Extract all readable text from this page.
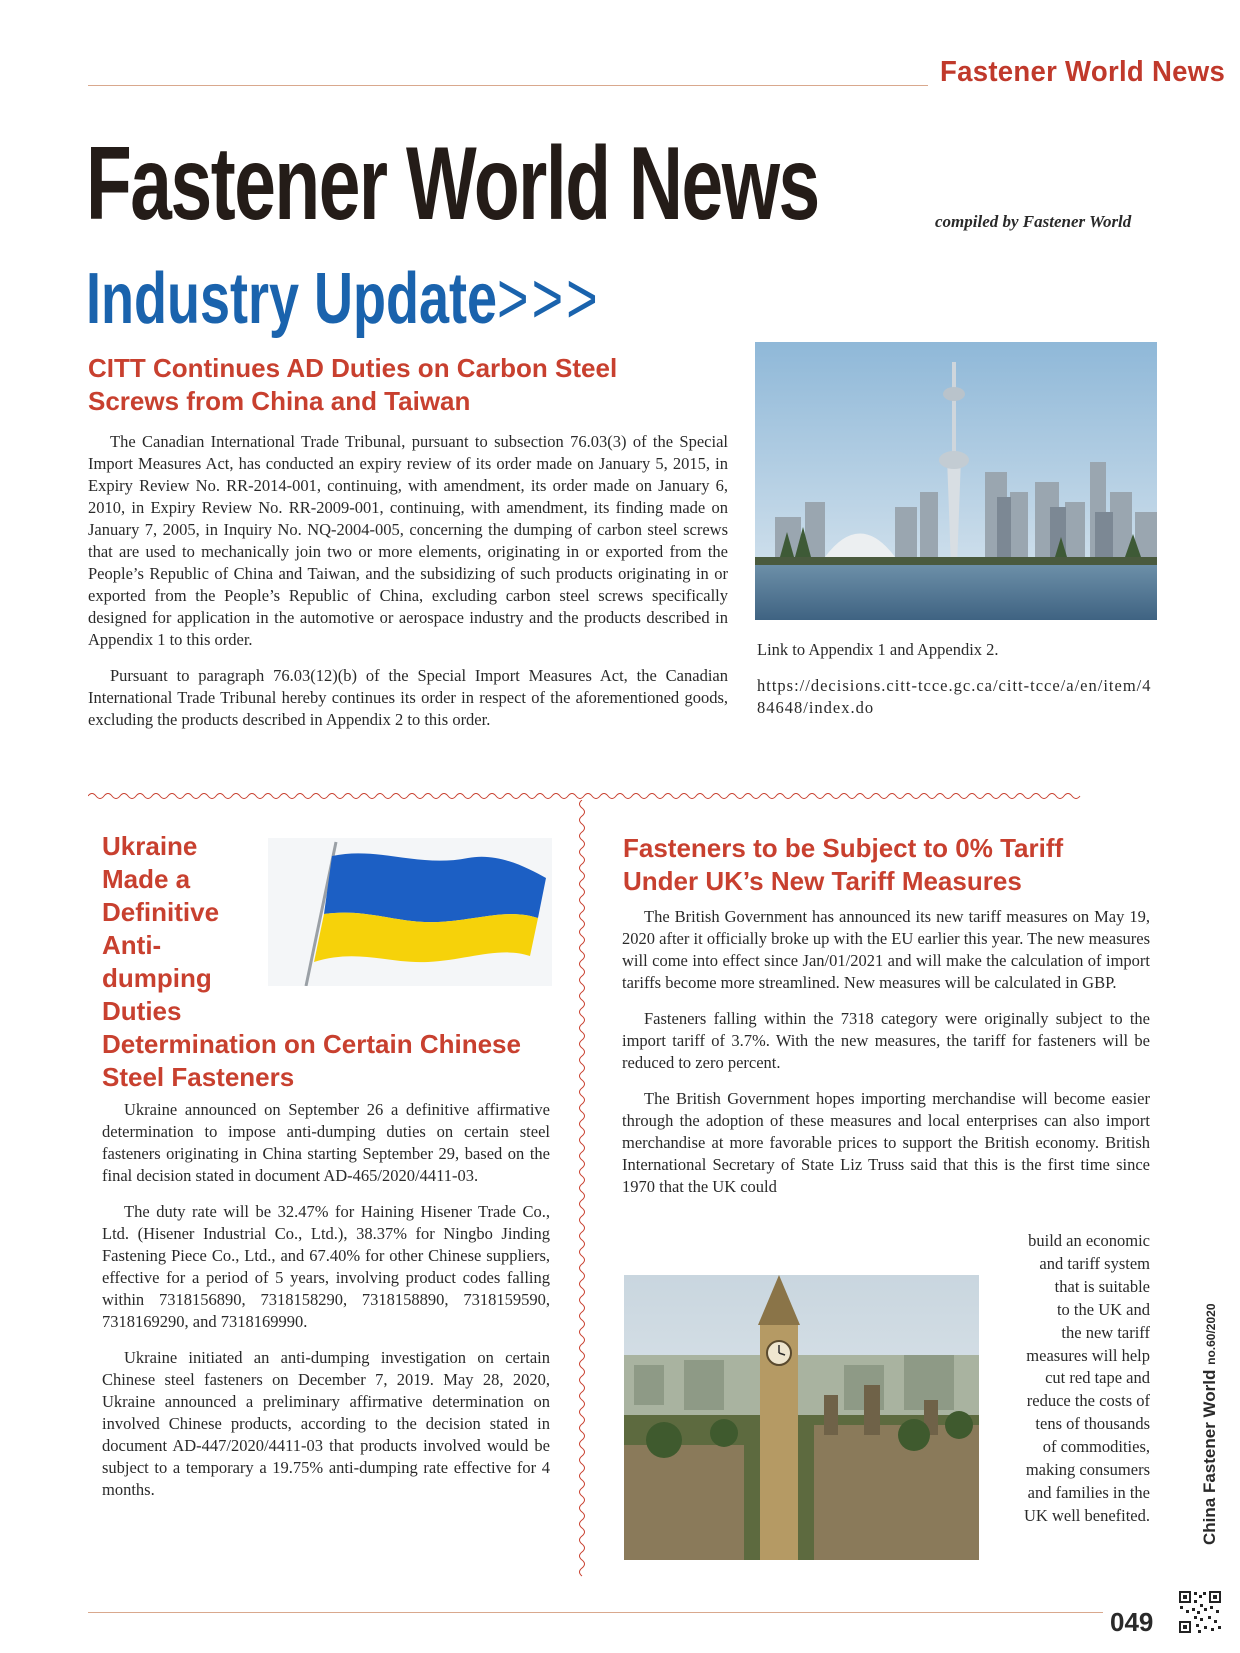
Fastener World News
Fastener World News	compiled by Fastener World
Industry Update>>>
CITT Continues AD Duties on Carbon Steel Screws from China and Taiwan

The Canadian International Trade Tribunal, pursuant to subsection 76.03(3) of the Special Import Measures Act, has conducted an expiry review of its order made on January 5, 2015, in Expiry Review No. RR-2014-001, continuing, with amendment, its order made on January 6, 2010, in Expiry Review No. RR-2009-001, continuing, with amendment, its finding made on January 7, 2005, in Inquiry No. NQ-2004-005, concerning the dumping of carbon steel screws that are used to mechanically join two or more elements, originating in or exported from the People’s Republic of China and Taiwan, and the subsidizing of such products originating in or exported from the People’s Republic of China, excluding carbon steel screws specifically designed for application in the automotive or aerospace industry and the products described in Appendix 1 to this order.

Pursuant to paragraph 76.03(12)(b) of the Special Import Measures Act, the Canadian International Trade Tribunal hereby continues its order in respect of the aforementioned goods, excluding the products described in Appendix 2 to this order.

Link to Appendix 1 and Appendix 2.
https://decisions.citt-tcce.gc.ca/citt-tcce/a/en/item/484648/index.do
Ukraine
Made a
Definitive
Anti-
dumping
Duties
Determination on Certain Chinese
Steel Fasteners

Ukraine announced on September 26 a definitive affirmative determination to impose anti-dumping duties on certain steel fasteners originating in China starting September 29, based on the final decision stated in document AD-465/2020/4411-03.

The duty rate will be 32.47% for Haining Hisener Trade Co., Ltd. (Hisener Industrial Co., Ltd.), 38.37% for Ningbo Jinding Fastening Piece Co., Ltd., and 67.40% for other Chinese suppliers, effective for a period of 5 years, involving product codes falling within 7318156890, 7318158290, 7318158890, 7318159590, 7318169290, and 7318169990.

Ukraine initiated an anti-dumping investigation on certain Chinese steel fasteners on December 7, 2019. May 28, 2020, Ukraine announced a preliminary affirmative determination on involved Chinese products, according to the decision stated in document AD-447/2020/4411-03 that products involved would be subject to a temporary a 19.75% anti-dumping rate effective for 4 months.

Fasteners to be Subject to 0% Tariff Under UK’s New Tariff Measures

The British Government has announced its new tariff measures on May 19, 2020 after it officially broke up with the EU earlier this year. The new measures will come into effect since Jan/01/2021 and will make the calculation of import tariffs become more streamlined. New measures will be calculated in GBP.

Fasteners falling within the 7318 category were originally subject to the import tariff of 3.7%. With the new measures, the tariff for fasteners will be reduced to zero percent.

The British Government hopes importing merchandise will become easier through the adoption of these measures and local enterprises can also import merchandise at more favorable prices to support the British economy. British International Secretary of State Liz Truss said that this is the first time since 1970 that the UK could

build an economic
and tariff system
that is suitable
to the UK and
the new tariff
measures will help
cut red tape and
reduce the costs of
tens of thousands
of commodities,
making consumers
and families in the
UK well benefited.	China Fastener World no.60/2020
049
